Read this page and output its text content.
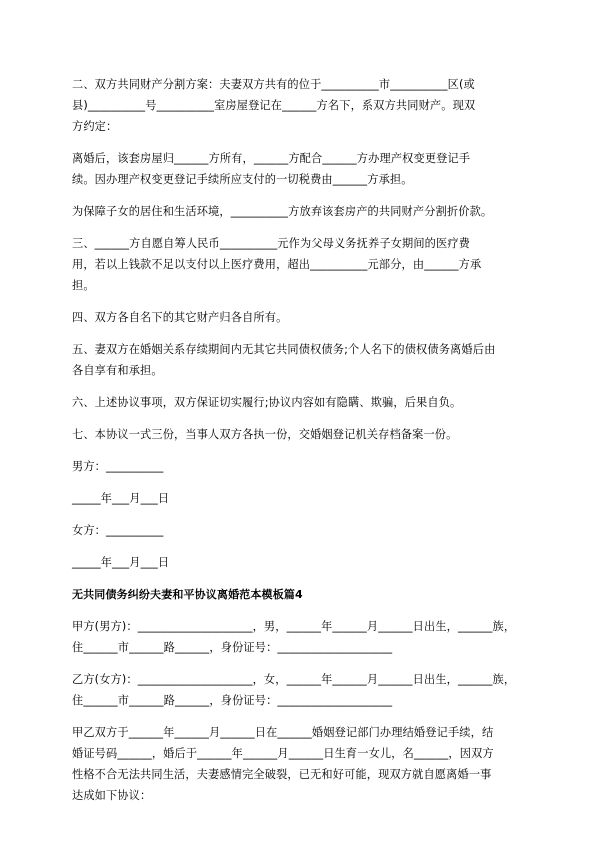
二、双方共同财产分割方案：夫妻双方共有的位于__________市__________区(或

县)__________号__________室房屋登记在______方名下，系双方共同财产。现双

方约定：

离婚后，该套房屋归______方所有，______方配合______方办理产权变更登记手

续。因办理产权变更登记手续所应支付的一切税费由______方承担。

为保障子女的居住和生活环境，__________方放弃该套房产的共同财产分割折价款。

三、______方自愿自筹人民币__________元作为父母义务抚养子女期间的医疗费

用，若以上钱款不足以支付以上医疗费用，超出__________元部分，由______方承

担。

四、双方各自名下的其它财产归各自所有。

五、妻双方在婚姻关系存续期间内无其它共同债权债务;个人名下的债权债务离婚后由

各自享有和承担。

六、上述协议事项，双方保证切实履行;协议内容如有隐瞒、欺骗，后果自负。

七、本协议一式三份，当事人双方各执一份，交婚姻登记机关存档备案一份。

男方：__________

_____年___月___日

女方：__________

_____年___月___日

无共同债务纠纷夫妻和平协议离婚范本模板篇4

甲方(男方)：____________________，男，______年______月______日出生，______族，

住______市______路______，身份证号：____________________

乙方(女方)：____________________，女，______年______月______日出生，______族，

住______市______路______，身份证号：____________________

甲乙双方于______年______月______日在______婚姻登记部门办理结婚登记手续，结

婚证号码______，婚后于______年______月______日生育一女儿，名______，因双方

性格不合无法共同生活，夫妻感情完全破裂，已无和好可能，现双方就自愿离婚一事

达成如下协议：
